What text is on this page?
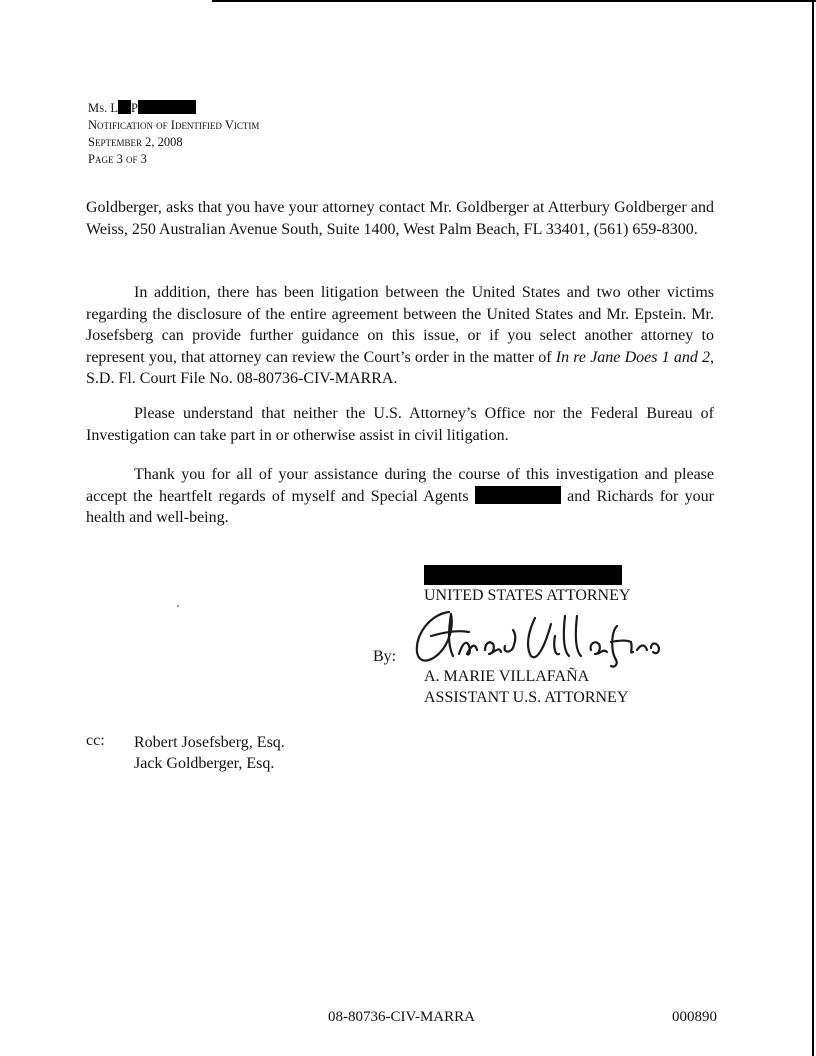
Ms. L P
Notification of Identified Victim
September 2, 2008
Page 3 of 3
Goldberger, asks that you have your attorney contact Mr. Goldberger at Atterbury Goldberger and Weiss, 250 Australian Avenue South, Suite 1400, West Palm Beach, FL 33401, (561) 659-8300.
In addition, there has been litigation between the United States and two other victims regarding the disclosure of the entire agreement between the United States and Mr. Epstein. Mr. Josefsberg can provide further guidance on this issue, or if you select another attorney to represent you, that attorney can review the Court’s order in the matter of In re Jane Does 1 and 2, S.D. Fl. Court File No. 08-80736-CIV-MARRA.
Please understand that neither the U.S. Attorney’s Office nor the Federal Bureau of Investigation can take part in or otherwise assist in civil litigation.
Thank you for all of your assistance during the course of this investigation and please accept the heartfelt regards of myself and Special Agents	and Richards for your health and well-being.
UNITED STATES ATTORNEY
By:
A. MARIE VILLAFAÑA
ASSISTANT U.S. ATTORNEY
cc: Robert Josefsberg, Esq.
Jack Goldberger, Esq.
08-80736-CIV-MARRA	000890
